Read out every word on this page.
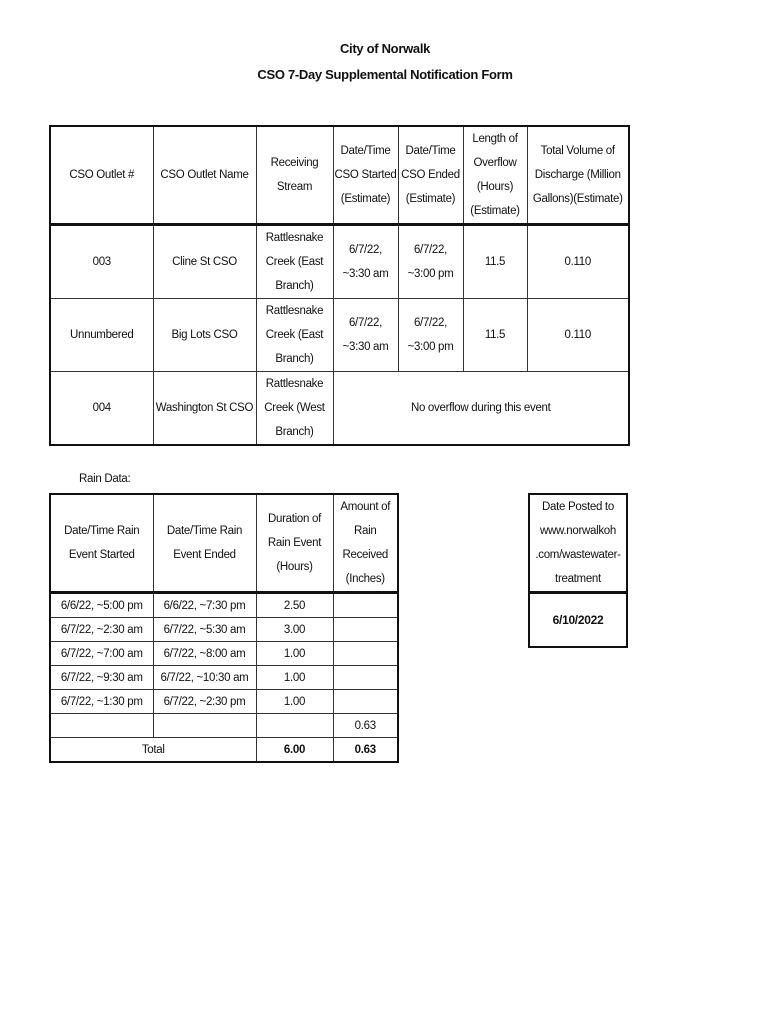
City of Norwalk
CSO 7-Day Supplemental Notification Form
CSO Outlet #	CSO Outlet Name	Receiving Stream	Date/Time CSO Started (Estimate)	Date/Time CSO Ended (Estimate)	Length of Overflow (Hours) (Estimate)	Total Volume of Discharge (Million Gallons)(Estimate)
003	Cline St CSO	Rattlesnake Creek (East Branch)	6/7/22, ~3:30 am	6/7/22, ~3:00 pm	11.5	0.110
Unnumbered	Big Lots CSO	Rattlesnake Creek (East Branch)	6/7/22, ~3:30 am	6/7/22, ~3:00 pm	11.5	0.110
004	Washington St CSO	Rattlesnake Creek (West Branch)	No overflow during this event			
Rain Data:
Date/Time Rain Event Started	Date/Time Rain Event Ended	Duration of Rain Event (Hours)	Amount of Rain Received (Inches)
6/6/22, ~5:00 pm	6/6/22, ~7:30 pm	2.50	
6/7/22, ~2:30 am	6/7/22, ~5:30 am	3.00	
6/7/22, ~7:00 am	6/7/22, ~8:00 am	1.00	
6/7/22, ~9:30 am	6/7/22, ~10:30 am	1.00	
6/7/22, ~1:30 pm	6/7/22, ~2:30 pm	1.00	
			0.63
Total		6.00	0.63
Date Posted to www.norwalkoh .com/wastewater-treatment
6/10/2022
